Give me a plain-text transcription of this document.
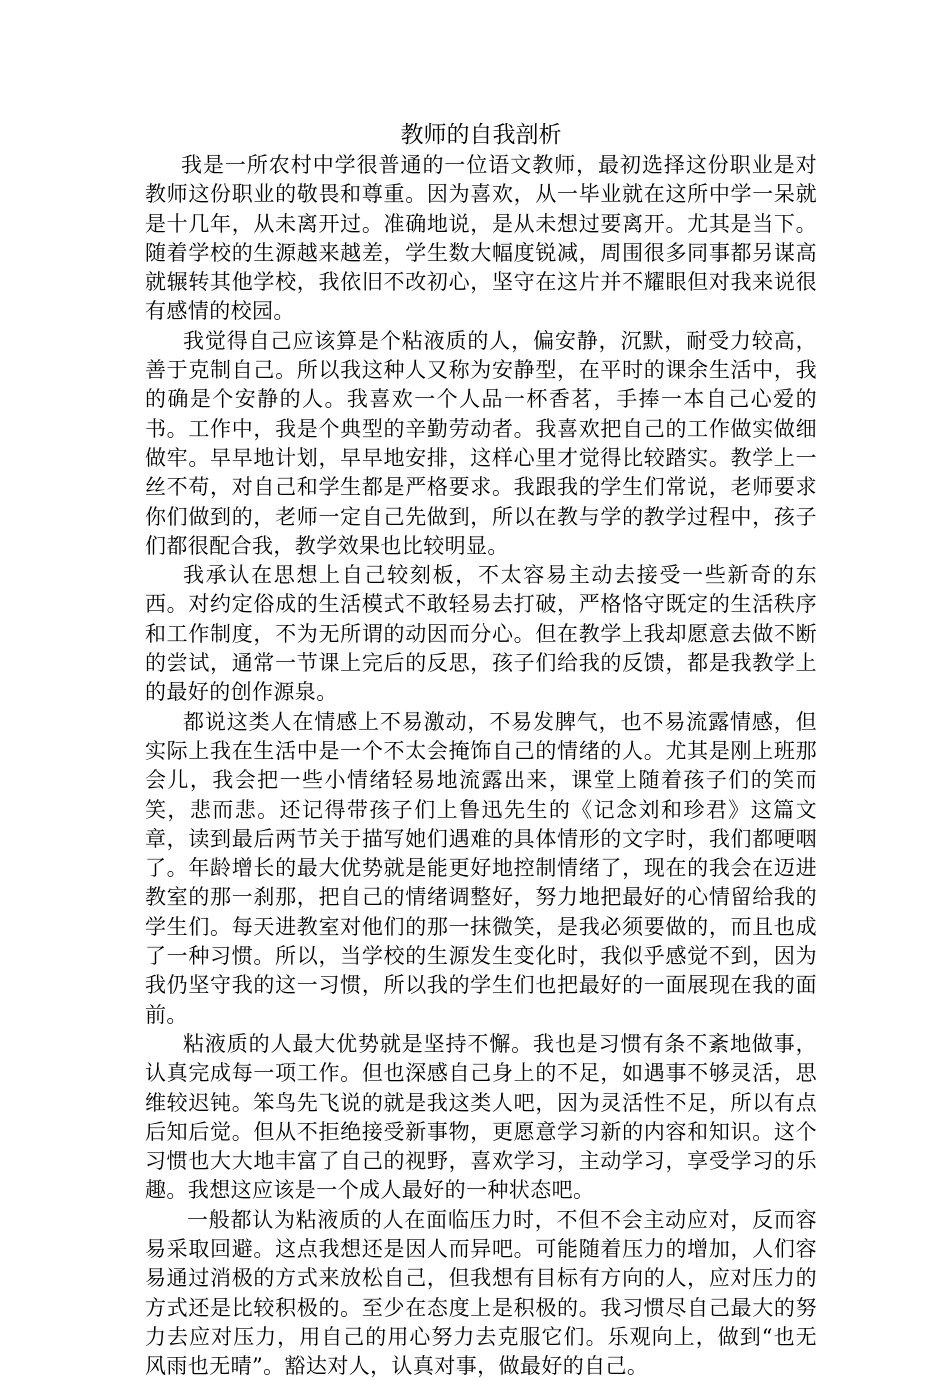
教师的自我剖析

我是一所农村中学很普通的一位语文教师，最初选择这份职业是对教师这份职业的敬畏和尊重。因为喜欢，从一毕业就在这所中学一呆就是十几年，从未离开过。准确地说，是从未想过要离开。尤其是当下。随着学校的生源越来越差，学生数大幅度锐减，周围很多同事都另谋高就辗转其他学校，我依旧不改初心，坚守在这片并不耀眼但对我来说很有感情的校园。

我觉得自己应该算是个粘液质的人，偏安静，沉默，耐受力较高，善于克制自己。所以我这种人又称为安静型，在平时的课余生活中，我的确是个安静的人。我喜欢一个人品一杯香茗，手捧一本自己心爱的书。工作中，我是个典型的辛勤劳动者。我喜欢把自己的工作做实做细做牢。早早地计划，早早地安排，这样心里才觉得比较踏实。教学上一丝不苟，对自己和学生都是严格要求。我跟我的学生们常说，老师要求你们做到的，老师一定自己先做到，所以在教与学的教学过程中，孩子们都很配合我，教学效果也比较明显。

我承认在思想上自己较刻板，不太容易主动去接受一些新奇的东西。对约定俗成的生活模式不敢轻易去打破，严格恪守既定的生活秩序和工作制度，不为无所谓的动因而分心。但在教学上我却愿意去做不断的尝试，通常一节课上完后的反思，孩子们给我的反馈，都是我教学上的最好的创作源泉。

都说这类人在情感上不易激动，不易发脾气，也不易流露情感，但实际上我在生活中是一个不太会掩饰自己的情绪的人。尤其是刚上班那会儿，我会把一些小情绪轻易地流露出来，课堂上随着孩子们的笑而笑，悲而悲。还记得带孩子们上鲁迅先生的《记念刘和珍君》这篇文章，读到最后两节关于描写她们遇难的具体情形的文字时，我们都哽咽了。年龄增长的最大优势就是能更好地控制情绪了，现在的我会在迈进教室的那一刹那，把自己的情绪调整好，努力地把最好的心情留给我的学生们。每天进教室对他们的那一抹微笑，是我必须要做的，而且也成了一种习惯。所以，当学校的生源发生变化时，我似乎感觉不到，因为我仍坚守我的这一习惯，所以我的学生们也把最好的一面展现在我的面前。

粘液质的人最大优势就是坚持不懈。我也是习惯有条不紊地做事，认真完成每一项工作。但也深感自己身上的不足，如遇事不够灵活，思维较迟钝。笨鸟先飞说的就是我这类人吧，因为灵活性不足，所以有点后知后觉。但从不拒绝接受新事物，更愿意学习新的内容和知识。这个习惯也大大地丰富了自己的视野，喜欢学习，主动学习，享受学习的乐趣。我想这应该是一个成人最好的一种状态吧。

一般都认为粘液质的人在面临压力时，不但不会主动应对，反而容易采取回避。这点我想还是因人而异吧。可能随着压力的增加，人们容易通过消极的方式来放松自己，但我想有目标有方向的人，应对压力的方式还是比较积极的。至少在态度上是积极的。我习惯尽自己最大的努力去应对压力，用自己的用心努力去克服它们。乐观向上，做到“也无风雨也无晴”。豁达对人，认真对事，做最好的自己。
